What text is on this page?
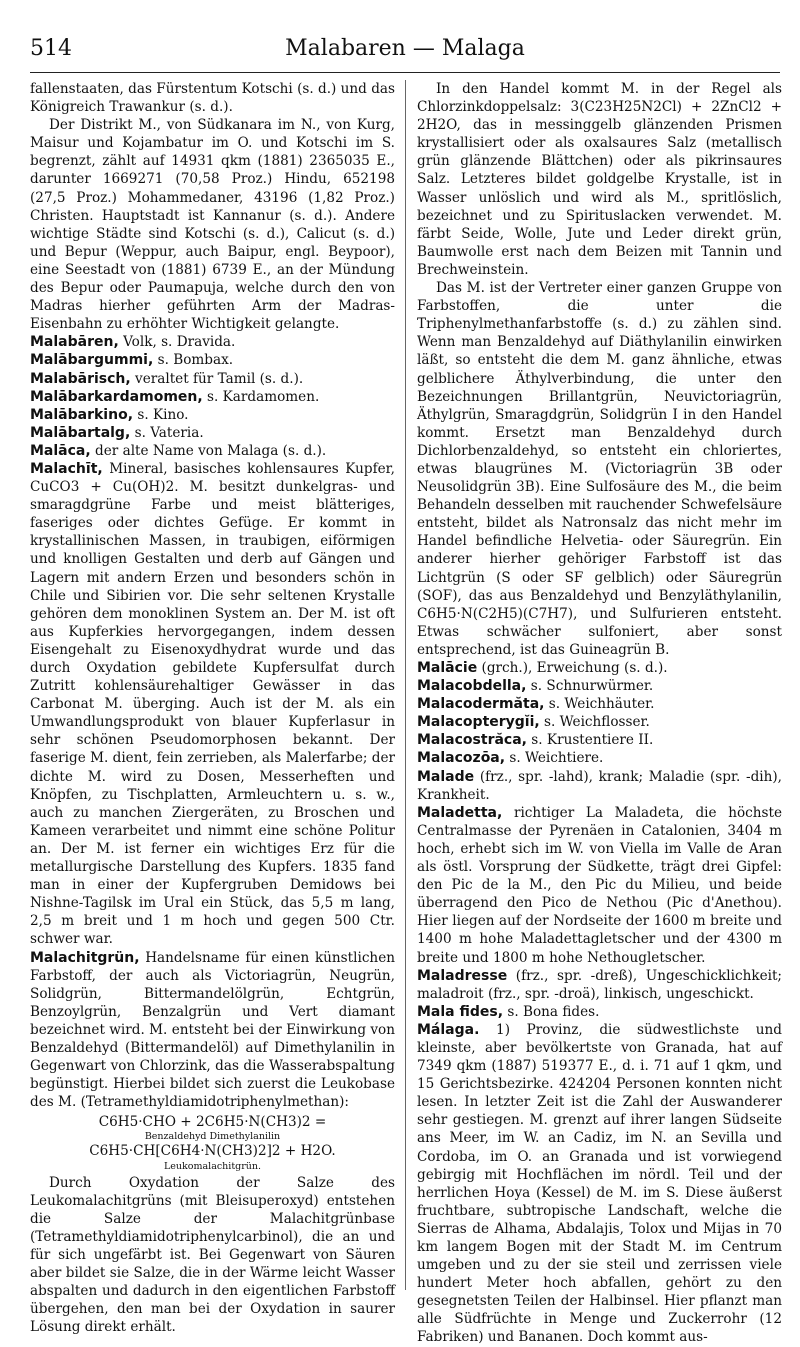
514	Malabaren — Malaga

fallenstaaten, das Fürstentum Kotschi (s. d.) und das Königreich Trawankur (s. d.).

Der Distrikt M., von Südkanara im N., von Kurg, Maisur und Kojambatur im O. und Kotschi im S. begrenzt, zählt auf 14931 qkm (1881) 2365035 E., darunter 1669271 (70,58 Proz.) Hindu, 652198 (27,5 Proz.) Mohammedaner, 43196 (1,82 Proz.) Christen. Hauptstadt ist Kannanur (s. d.). Andere wichtige Städte sind Kotschi (s. d.), Calicut (s. d.) und Bepur (Weppur, auch Baipur, engl. Beypoor), eine Seestadt von (1881) 6739 E., an der Mündung des Bepur oder Paumapuja, welche durch den von Madras hierher geführten Arm der Madras-Eisenbahn zu erhöhter Wichtigkeit gelangte.

Malabāren, Volk, s. Dravida.

Malābargummi, s. Bombax.

Malabārisch, veraltet für Tamil (s. d.).

Malābarkardamomen, s. Kardamomen.

Malābarkino, s. Kino.

Malābartalg, s. Vateria.

Malāca, der alte Name von Malaga (s. d.).

Malachīt, Mineral, basisches kohlensaures Kupfer, CuCO3 + Cu(OH)2. M. besitzt dunkelgras- und smaragdgrüne Farbe und meist blätteriges, faseriges oder dichtes Gefüge. Er kommt in krystallinischen Massen, in traubigen, eiförmigen und knolligen Gestalten und derb auf Gängen und Lagern mit andern Erzen und besonders schön in Chile und Sibirien vor. Die sehr seltenen Krystalle gehören dem monoklinen System an. Der M. ist oft aus Kupferkies hervorgegangen, indem dessen Eisengehalt zu Eisenoxydhydrat wurde und das durch Oxydation gebildete Kupfersulfat durch Zutritt kohlensäurehaltiger Gewässer in das Carbonat M. überging. Auch ist der M. als ein Umwandlungsprodukt von blauer Kupferlasur in sehr schönen Pseudomorphosen bekannt. Der faserige M. dient, fein zerrieben, als Malerfarbe; der dichte M. wird zu Dosen, Messerheften und Knöpfen, zu Tischplatten, Armleuchtern u. s. w., auch zu manchen Ziergeräten, zu Broschen und Kameen verarbeitet und nimmt eine schöne Politur an. Der M. ist ferner ein wichtiges Erz für die metallurgische Darstellung des Kupfers. 1835 fand man in einer der Kupfergruben Demidows bei Nishne-Tagilsk im Ural ein Stück, das 5,5 m lang, 2,5 m breit und 1 m hoch und gegen 500 Ctr. schwer war.

Malachitgrün, Handelsname für einen künstlichen Farbstoff, der auch als Victoriagrün, Neugrün, Solidgrün, Bittermandelölgrün, Echtgrün, Benzoylgrün, Benzalgrün und Vert diamant bezeichnet wird. M. entsteht bei der Einwirkung von Benzaldehyd (Bittermandelöl) auf Dimethylanilin in Gegenwart von Chlorzink, das die Wasserabspaltung begünstigt. Hierbei bildet sich zuerst die Leukobase des M. (Tetramethyldiamidotriphenylmethan):

C6H5·CHO + 2C6H5·N(CH3)2 =
Benzaldehyd Dimethylanilin
C6H5·CH[C6H4·N(CH3)2]2 + H2O.
Leukomalachitgrün.

Durch Oxydation der Salze des Leukomalachitgrüns (mit Bleisuperoxyd) entstehen die Salze der Malachitgrünbase (Tetramethyldiamidotriphenylcarbinol), die an und für sich ungefärbt ist. Bei Gegenwart von Säuren aber bildet sie Salze, die in der Wärme leicht Wasser abspalten und dadurch in den eigentlichen Farbstoff übergehen, den man bei der Oxydation in saurer Lösung direkt erhält.

In den Handel kommt M. in der Regel als Chlorzinkdoppelsalz: 3(C23H25N2Cl) + 2ZnCl2 + 2H2O, das in messinggelb glänzenden Prismen krystallisiert oder als oxalsaures Salz (metallisch grün glänzende Blättchen) oder als pikrinsaures Salz. Letzteres bildet goldgelbe Krystalle, ist in Wasser unlöslich und wird als M., spritlöslich, bezeichnet und zu Spirituslacken verwendet. M. färbt Seide, Wolle, Jute und Leder direkt grün, Baumwolle erst nach dem Beizen mit Tannin und Brechweinstein.

Das M. ist der Vertreter einer ganzen Gruppe von Farbstoffen, die unter die Triphenylmethanfarbstoffe (s. d.) zu zählen sind. Wenn man Benzaldehyd auf Diäthylanilin einwirken läßt, so entsteht die dem M. ganz ähnliche, etwas gelblichere Äthylverbindung, die unter den Bezeichnungen Brillantgrün, Neuvictoriagrün, Äthylgrün, Smaragdgrün, Solidgrün I in den Handel kommt. Ersetzt man Benzaldehyd durch Dichlorbenzaldehyd, so entsteht ein chloriertes, etwas blaugrünes M. (Victoriagrün 3B oder Neusolidgrün 3B). Eine Sulfosäure des M., die beim Behandeln desselben mit rauchender Schwefelsäure entsteht, bildet als Natronsalz das nicht mehr im Handel befindliche Helvetia- oder Säuregrün. Ein anderer hierher gehöriger Farbstoff ist das Lichtgrün (S oder SF gelblich) oder Säuregrün (SOF), das aus Benzaldehyd und Benzyläthylanilin, C6H5·N(C2H5)(C7H7), und Sulfurieren entsteht. Etwas schwächer sulfoniert, aber sonst entsprechend, ist das Guineagrün B.

Malācie (grch.), Erweichung (s. d.).

Malacobdella, s. Schnurwürmer.

Malacodermăta, s. Weichhäuter.

Malacopterygĭi, s. Weichflosser.

Malacostrăca, s. Krustentiere II.

Malacozōa, s. Weichtiere.

Malade (frz., spr. -lahd), krank; Maladie (spr. -dih), Krankheit.

Maladetta, richtiger La Maladeta, die höchste Centralmasse der Pyrenäen in Catalonien, 3404 m hoch, erhebt sich im W. von Viella im Valle de Aran als östl. Vorsprung der Südkette, trägt drei Gipfel: den Pic de la M., den Pic du Milieu, und beide überragend den Pico de Nethou (Pic d'Anethou). Hier liegen auf der Nordseite der 1600 m breite und 1400 m hohe Maladettagletscher und der 4300 m breite und 1800 m hohe Nethougletscher.

Maladresse (frz., spr. -dreß), Ungeschicklichkeit; maladroit (frz., spr. -droä), linkisch, ungeschickt.

Mala fides, s. Bona fides.

Málaga. 1) Provinz, die südwestlichste und kleinste, aber bevölkertste von Granada, hat auf 7349 qkm (1887) 519377 E., d. i. 71 auf 1 qkm, und 15 Gerichtsbezirke. 424204 Personen konnten nicht lesen. In letzter Zeit ist die Zahl der Auswanderer sehr gestiegen. M. grenzt auf ihrer langen Südseite ans Meer, im W. an Cadiz, im N. an Sevilla und Cordoba, im O. an Granada und ist vorwiegend gebirgig mit Hochflächen im nördl. Teil und der herrlichen Hoya (Kessel) de M. im S. Diese äußerst fruchtbare, subtropische Landschaft, welche die Sierras de Alhama, Abdalajis, Tolox und Mijas in 70 km langem Bogen mit der Stadt M. im Centrum umgeben und zu der sie steil und zerrissen viele hundert Meter hoch abfallen, gehört zu den gesegnetsten Teilen der Halbinsel. Hier pflanzt man alle Südfrüchte in Menge und Zuckerrohr (12 Fabriken) und Bananen. Doch kommt aus-
